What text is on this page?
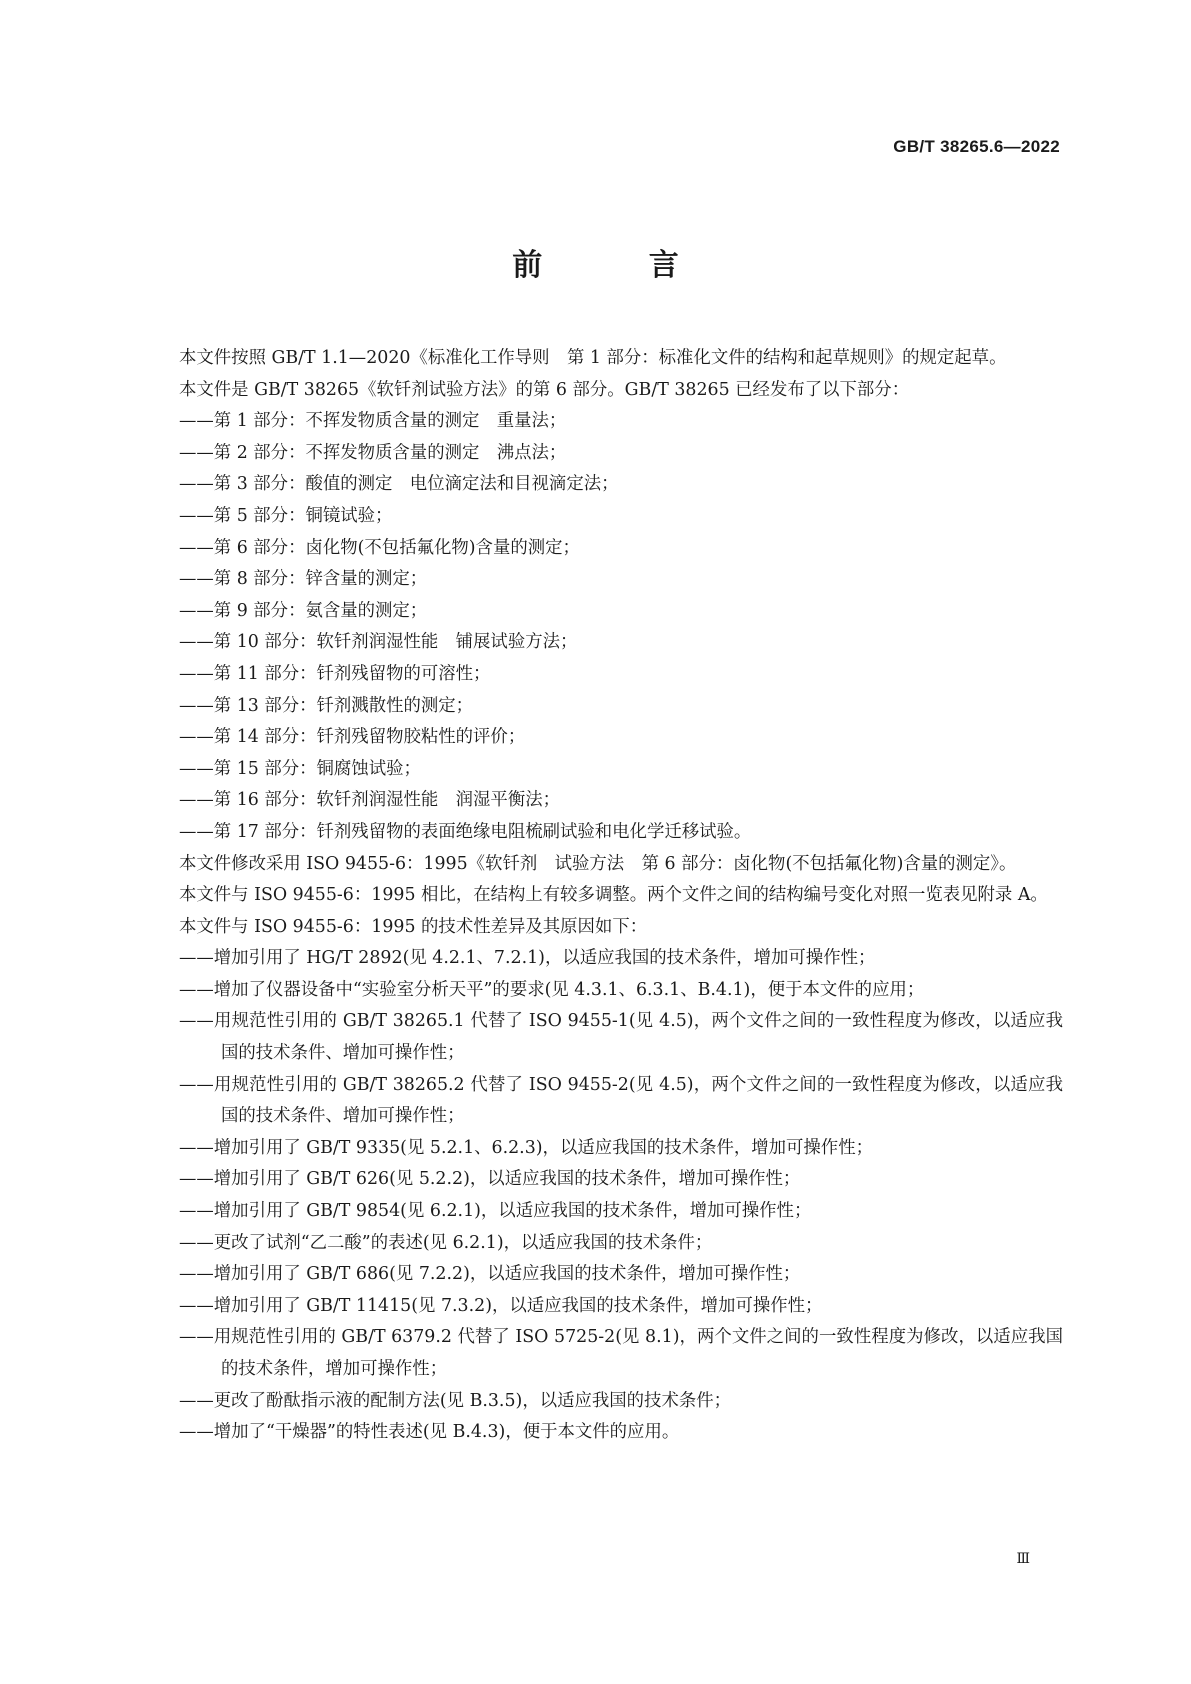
GB/T 38265.6—2022
前 言

本文件按照 GB/T 1.1—2020《标准化工作导则　第 1 部分：标准化文件的结构和起草规则》的规定起草。

本文件是 GB/T 38265《软钎剂试验方法》的第 6 部分。GB/T 38265 已经发布了以下部分：

——第 1 部分：不挥发物质含量的测定　重量法；

——第 2 部分：不挥发物质含量的测定　沸点法；

——第 3 部分：酸值的测定　电位滴定法和目视滴定法；

——第 5 部分：铜镜试验；

——第 6 部分：卤化物(不包括氟化物)含量的测定；

——第 8 部分：锌含量的测定；

——第 9 部分：氨含量的测定；

——第 10 部分：软钎剂润湿性能　铺展试验方法；

——第 11 部分：钎剂残留物的可溶性；

——第 13 部分：钎剂溅散性的测定；

——第 14 部分：钎剂残留物胶粘性的评价；

——第 15 部分：铜腐蚀试验；

——第 16 部分：软钎剂润湿性能　润湿平衡法；

——第 17 部分：钎剂残留物的表面绝缘电阻梳刷试验和电化学迁移试验。

本文件修改采用 ISO 9455-6：1995《软钎剂　试验方法　第 6 部分：卤化物(不包括氟化物)含量的测定》。

本文件与 ISO 9455-6：1995 相比，在结构上有较多调整。两个文件之间的结构编号变化对照一览表见附录 A。

本文件与 ISO 9455-6：1995 的技术性差异及其原因如下：

——增加引用了 HG/T 2892(见 4.2.1、7.2.1)，以适应我国的技术条件，增加可操作性；

——增加了仪器设备中“实验室分析天平”的要求(见 4.3.1、6.3.1、B.4.1)，便于本文件的应用；

——用规范性引用的 GB/T 38265.1 代替了 ISO 9455-1(见 4.5)，两个文件之间的一致性程度为修改，以适应我国的技术条件、增加可操作性；

——用规范性引用的 GB/T 38265.2 代替了 ISO 9455-2(见 4.5)，两个文件之间的一致性程度为修改，以适应我国的技术条件、增加可操作性；

——增加引用了 GB/T 9335(见 5.2.1、6.2.3)，以适应我国的技术条件，增加可操作性；

——增加引用了 GB/T 626(见 5.2.2)，以适应我国的技术条件，增加可操作性；

——增加引用了 GB/T 9854(见 6.2.1)，以适应我国的技术条件，增加可操作性；

——更改了试剂“乙二酸”的表述(见 6.2.1)，以适应我国的技术条件；

——增加引用了 GB/T 686(见 7.2.2)，以适应我国的技术条件，增加可操作性；

——增加引用了 GB/T 11415(见 7.3.2)，以适应我国的技术条件，增加可操作性；

——用规范性引用的 GB/T 6379.2 代替了 ISO 5725-2(见 8.1)，两个文件之间的一致性程度为修改，以适应我国的技术条件，增加可操作性；

——更改了酚酞指示液的配制方法(见 B.3.5)，以适应我国的技术条件；

——增加了“干燥器”的特性表述(见 B.4.3)，便于本文件的应用。

Ⅲ
